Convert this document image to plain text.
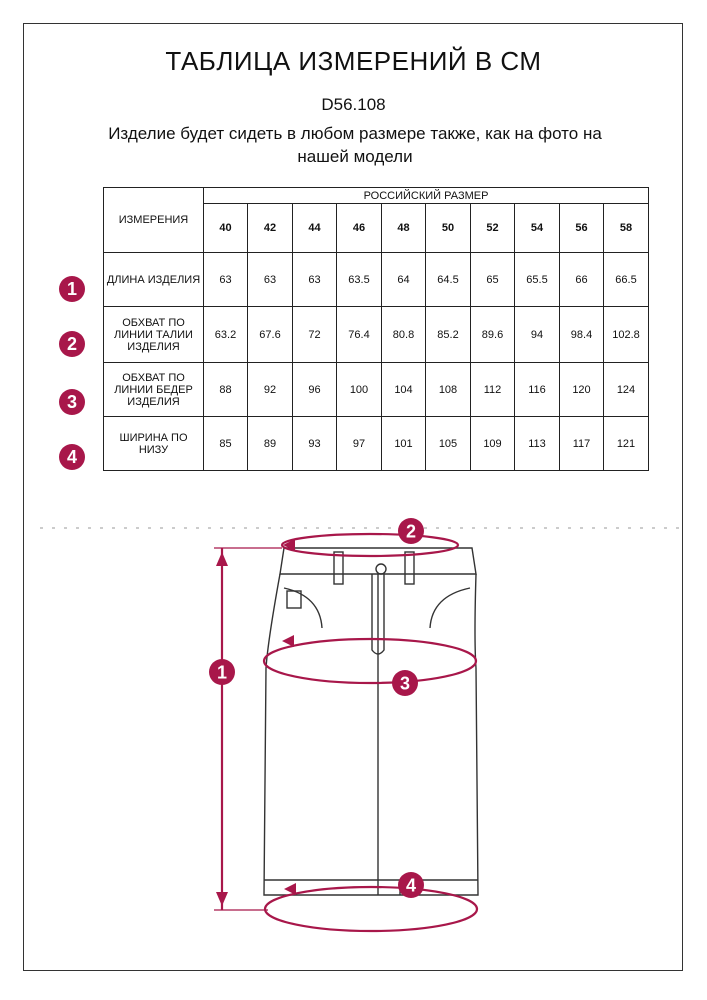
ТАБЛИЦА ИЗМЕРЕНИЙ В СМ
D56.108
Изделие будет сидеть в любом размере также, как на фото на
нашей модели
ИЗМЕРЕНИЯ	РОССИЙСКИЙ РАЗМЕР									
	40	42	44	46	48	50	52	54	56	58

ДЛИНА ИЗДЕЛИЯ	63	63	63	63.5	64	64.5	65	65.5	66	66.5

ОБХВАТ ПО
ЛИНИИ ТАЛИИ
ИЗДЕЛИЯ	63.2	67.6	72	76.4	80.8	85.2	89.6	94	98.4	102.8

ОБХВАТ ПО
ЛИНИИ БЕДЕР
ИЗДЕЛИЯ	88	92	96	100	104	108	112	116	120	124

ШИРИНА ПО
НИЗУ	85	89	93	97	101	105	109	113	117	121
1
2
3
4
1
2
3
4
